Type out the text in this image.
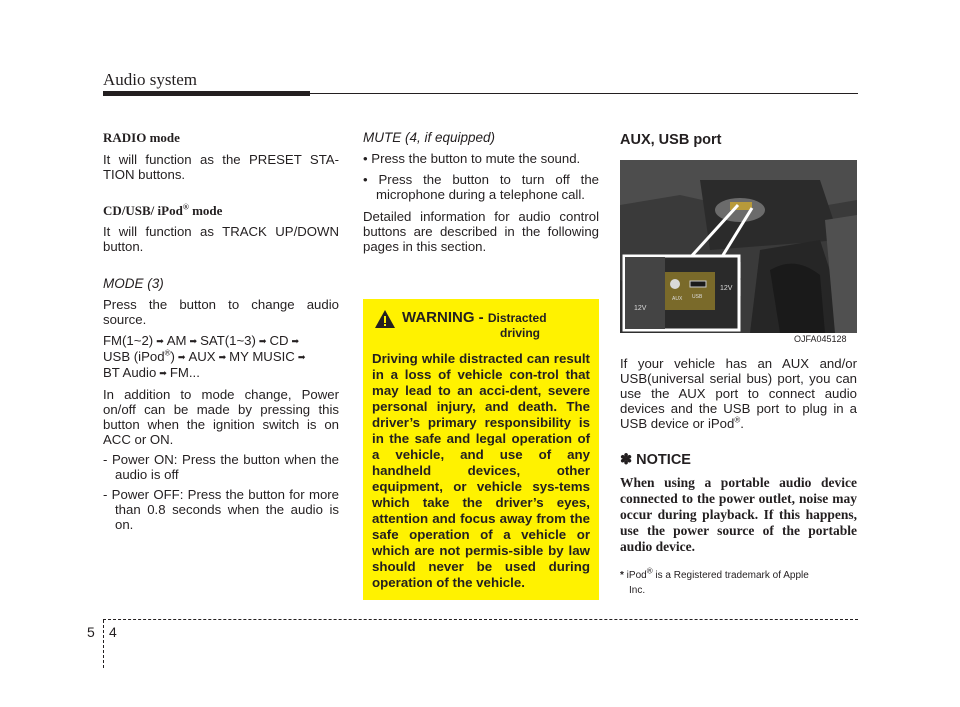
Audio system

RADIO mode

It will function as the PRESET STA-TION buttons.

CD/USB/ iPod® mode

It will function as TRACK UP/DOWN button.

MODE (3)

Press the button to change audio source.

FM(1~2) ➡ AM ➡ SAT(1~3) ➡ CD ➡
USB (iPod®) ➡ AUX ➡ MY MUSIC ➡
BT Audio ➡ FM...

In addition to mode change, Power on/off can be made by pressing this button when the ignition switch is on ACC or ON.

- Power ON: Press the button when the audio is off

- Power OFF: Press the button for more than 0.8 seconds when the audio is on.

MUTE (4, if equipped)

• Press the button to mute the sound.

• Press the button to turn off the microphone during a telephone call.

Detailed information for audio control buttons are described in the following pages in this section.

WARNING - Distracted
driving

Driving while distracted can result in a loss of vehicle con-trol that may lead to an acci-dent, severe personal injury, and death. The driver’s primary responsibility is in the safe and legal operation of a vehicle, and use of any handheld devices, other equipment, or vehicle sys-tems which take the driver’s eyes, attention and focus away from the safe operation of a vehicle or which are not permis-sible by law should never be used during operation of the vehicle.

AUX, USB port

12V
AUX USB
12V
OJFA045128

If your vehicle has an AUX and/or USB(universal serial bus) port, you can use the AUX port to connect audio devices and the USB port to plug in a USB device or iPod®.

✽ NOTICE

When using a portable audio device connected to the power outlet, noise may occur during playback. If this happens, use the power source of the portable audio device.

* iPod® is a Registered trademark of Apple
Inc.

5 4
